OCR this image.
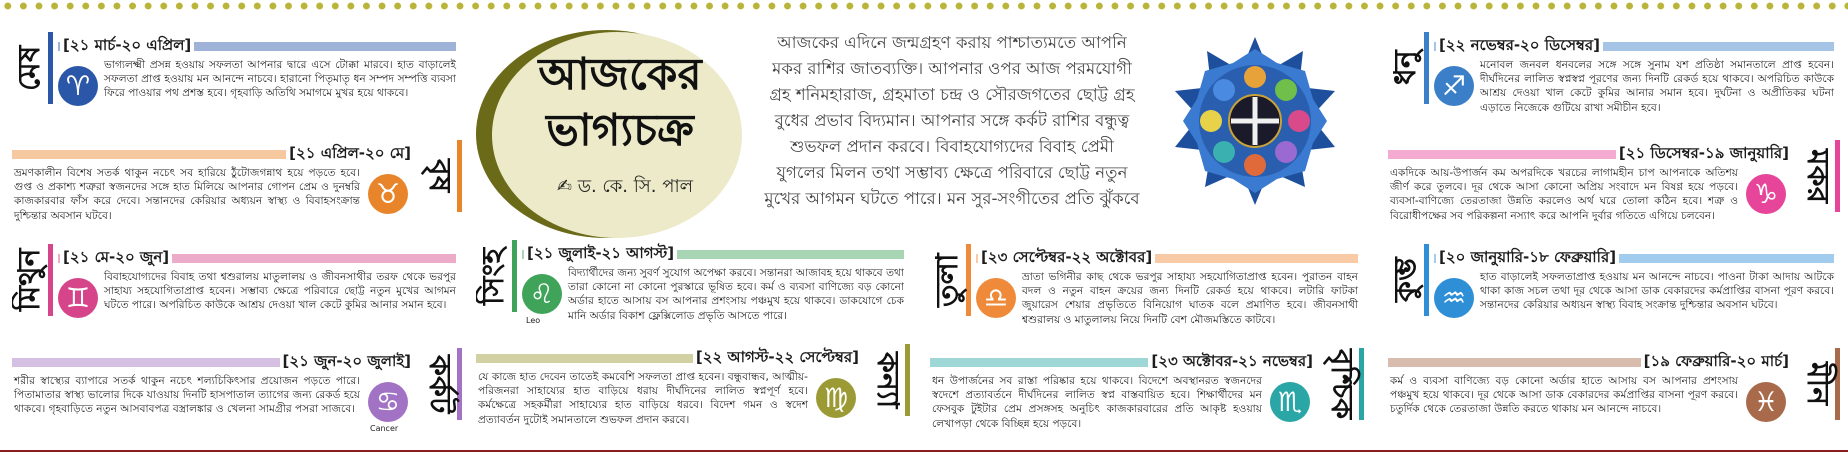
আজকের
ভাগ্যচক্র
✍ ড. কে. সি. পাল
আজকের এদিনে জন্মগ্রহণ করায় পাশ্চাত্যমতে আপনি মকর রাশির জাতব্যক্তি। আপনার ওপর আজ পরমযোগী গ্রহ শনিমহারাজ, গ্রহমাতা চন্দ্র ও সৌরজগতের ছোট্ট গ্রহ বুধের প্রভাব বিদ্যমান। আপনার সঙ্গে কর্কট রাশির বন্ধুত্ব শুভফল প্রদান করবে। বিবাহযোগ্যদের বিবাহ প্রেমী যুগলের মিলন তথা সম্ভাব্য ক্ষেত্রে পরিবারে ছোট্ট নতুন মুখের আগমন ঘটতে পারে। মন সুর-সংগীতের প্রতি ঝুঁকবে
মেষ
[২১ মার্চ-২০ এপ্রিল]
♈
ভাগ্যলক্ষ্মী প্রসন্ন হওয়ায় সফলতা আপনার দ্বারে এসে টোক্কা মারবে। হাত বাড়ালেই সফলতা প্রাপ্ত হওয়ায় মন আনন্দে নাচবে। হারানো পিতৃমাতৃ ধন সম্পদ সম্পত্তি ব্যবসা ফিরে পাওয়ার পথ প্রশস্ত হবে। গৃহবাড়ি অতিথি সমাগমে মুখর হয়ে থাকবে।
বৃষ
[২১ এপ্রিল-২০ মে]
♉
ভ্রমণকালীন বিশেষ সতর্ক থাকুন নচেৎ সব হারিয়ে ঠুঁটোজগন্নাথ হয়ে পড়তে হবে। গুপ্ত ও প্রকাশ্য শত্রুরা স্বজনদের সঙ্গে হাত মিলিয়ে আপনার গোপন প্রেম ও দুনম্বরি কাজকারবার ফাঁস করে দেবে। সন্তানদের কেরিয়ার অধ্যয়ন স্বাস্থ্য ও বিবাহসংক্রান্ত দুশ্চিন্তার অবসান ঘটবে।
মিথুন	[২১ মে-২০ জুন]
♊
বিবাহযোগ্যদের বিবাহ তথা শ্বশুরালয় মাতুলালয় ও জীবনসাথীর তরফ থেকে ভরপুর সাহায্য সহযোগিতাপ্রাপ্ত হবেন। সম্ভাব্য ক্ষেত্রে পরিবারে ছোট্ট নতুন মুখের আগমন ঘটতে পারে। অপরিচিত কাউকে আশ্রয় দেওয়া খাল কেটে কুমির আনার সমান হবে।
কর্কট
[২১ জুন-২০ জুলাই]
♋
Cancer
শরীর স্বাস্থ্যের ব্যাপারে সতর্ক থাকুন নচেৎ শল্যচিকিৎসার প্রয়োজন পড়তে পারে। পিতামাতার স্বাস্থ্য ভালোর দিকে যাওয়ায় দিনটি হাসপাতাল ত্যাগের জন্য রেকর্ড হয়ে থাকবে। গৃহবাড়িতে নতুন আসবাবপত্র বস্ত্রালঙ্কার ও খেলনা সামগ্রীর পসরা সাজবে।
সিংহ	[২১ জুলাই-২১ আগস্ট]
♌
Leo
বিদ্যার্থীদের জন্য সুবর্ণ সুযোগ অপেক্ষা করবে। সন্তানরা আজাবহ হয়ে থাকবে তথা তারা কোনো না কোনো পুরস্কারে ভূষিত হবে। কর্ম ও ব্যবসা বাণিজ্যে বড় কোনো অর্ডার হাতে আসায় বস আপনার প্রশংসায় পঞ্চমুখ হয়ে থাকবে। ডাকযোগে চেক মানি অর্ডার বিকাশ ফ্লেক্সিলোড প্রভৃতি আসতে পারে।
কন্যা
[২২ আগস্ট-২২ সেপ্টেম্বর]
♍
যে কাজে হাত দেবেন তাতেই কমবেশি সফলতা প্রাপ্ত হবেন। বন্ধুবান্ধব, আত্মীয়-পরিজনরা সাহায্যের হাত বাড়িয়ে ধরায় দীর্ঘদিনের লালিত স্বপ্নপূর্ণ হবে। কর্মক্ষেত্রে সহকর্মীরা সাহায্যের হাত বাড়িয়ে ধরবে। বিদেশ গমন ও স্বদেশ প্রত্যাবর্তন দুটোই সমানতালে শুভফল প্রদান করবে।
তুলা	[২৩ সেপ্টেম্বর-২২ অক্টোবর]
♎
ভ্রাতা ভগিনীর কাছ থেকে ভরপুর সাহায্য সহযোগিতাপ্রাপ্ত হবেন। পুরাতন বাহন বদল ও নতুন বাহন ক্রয়ের জন্য দিনটি রেকর্ড হয়ে থাকবে। লটারি ফাটকা জুয়ারেস শেয়ার প্রভৃতিতে বিনিয়োগ ঘাতক বলে প্রমাণিত হবে। জীবনসাথী শ্বশুরালয় ও মাতুলালয় নিয়ে দিনটি বেশ মৌজমস্তিতে কাটবে।
বৃশ্চিক
[২৩ অক্টোবর-২১ নভেম্বর]
♏
ধন উপার্জনের সব রাস্তা পরিষ্কার হয়ে থাকবে। বিদেশে অবস্থানরত স্বজনদের স্বদেশে প্রত্যাবর্তনে দীর্ঘদিনের লালিত স্বপ্ন বাস্তবায়িত হবে। শিক্ষার্থীদের মন ফেসবুক টুইটার প্রেম প্রসঙ্গসহ অনুচিৎ কাজকারবারের প্রতি আকৃষ্ট হওয়ায় লেখাপড়া থেকে বিচ্ছিন্ন হয়ে পড়বে।
ধনু
[২২ নভেম্বর-২০ ডিসেম্বর]
♐
মনোবল জনবল ধনবলের সঙ্গে সঙ্গে সুনাম যশ প্রতিষ্ঠা সমানতালে প্রাপ্ত হবেন। দীর্ঘদিনের লালিত স্বপ্নস্বপ্ন পূরণের জন্য দিনটি রেকর্ড হয়ে থাকবে। অপরিচিত কাউকে আশ্রয় দেওয়া খাল কেটে কুমির আনার সমান হবে। দুর্ঘটনা ও অপ্রীতিকর ঘটনা এড়াতে নিজেকে গুটিয়ে রাখা সমীচীন হবে।
মকর
[২১ ডিসেম্বর-১৯ জানুয়ারি]
♑
একদিকে আয়-উপার্জন কম অপরদিকে খরচের লাগামহীন চাপ আপনাকে অতিশয় জীর্ণ করে তুলবে। দূর থেকে আসা কোনো অপ্রিয় সংবাদে মন বিষণ্ণ হয়ে পড়বে। ব্যবসা-বাণিজ্যে তেরতাজা উন্নতি করলেও অর্থ ঘরে তোলা কঠিন হবে। শত্রু ও বিরোধীপক্ষের সব পরিকল্পনা নস্যাৎ করে আপনি দুর্বার গতিতে এগিয়ে চলবেন।
কুম্ভ
[২০ জানুয়ারি-১৮ ফেব্রুয়ারি]
♒
হাত বাড়ালেই সফলতাপ্রাপ্ত হওয়ায় মন আনন্দে নাচবে। পাওনা টাকা আদায় আটকে থাকা কাজ সচল তথা দূর থেকে আসা ডাক বেকারদের কর্মপ্রাপ্তির বাসনা পূরণ করবে। সন্তানদের কেরিয়ার অধ্যয়ন স্বাস্থ্য বিবাহ সংক্রান্ত দুশ্চিন্তার অবসান ঘটবে।
মীন
[১৯ ফেব্রুয়ারি-২০ মার্চ]
♓
কর্ম ও ব্যবসা বাণিজ্যে বড় কোনো অর্ডার হাতে আসায় বস আপনার প্রশংসায় পঞ্চমুখ হয়ে থাকবে। দূর থেকে আসা ডাক বেকারদের কর্মপ্রাপ্তির বাসনা পূরণ করবে। চতুর্দিক থেকে তেরতাজা উন্নতি করতে থাকায় মন আনন্দে নাচবে।
